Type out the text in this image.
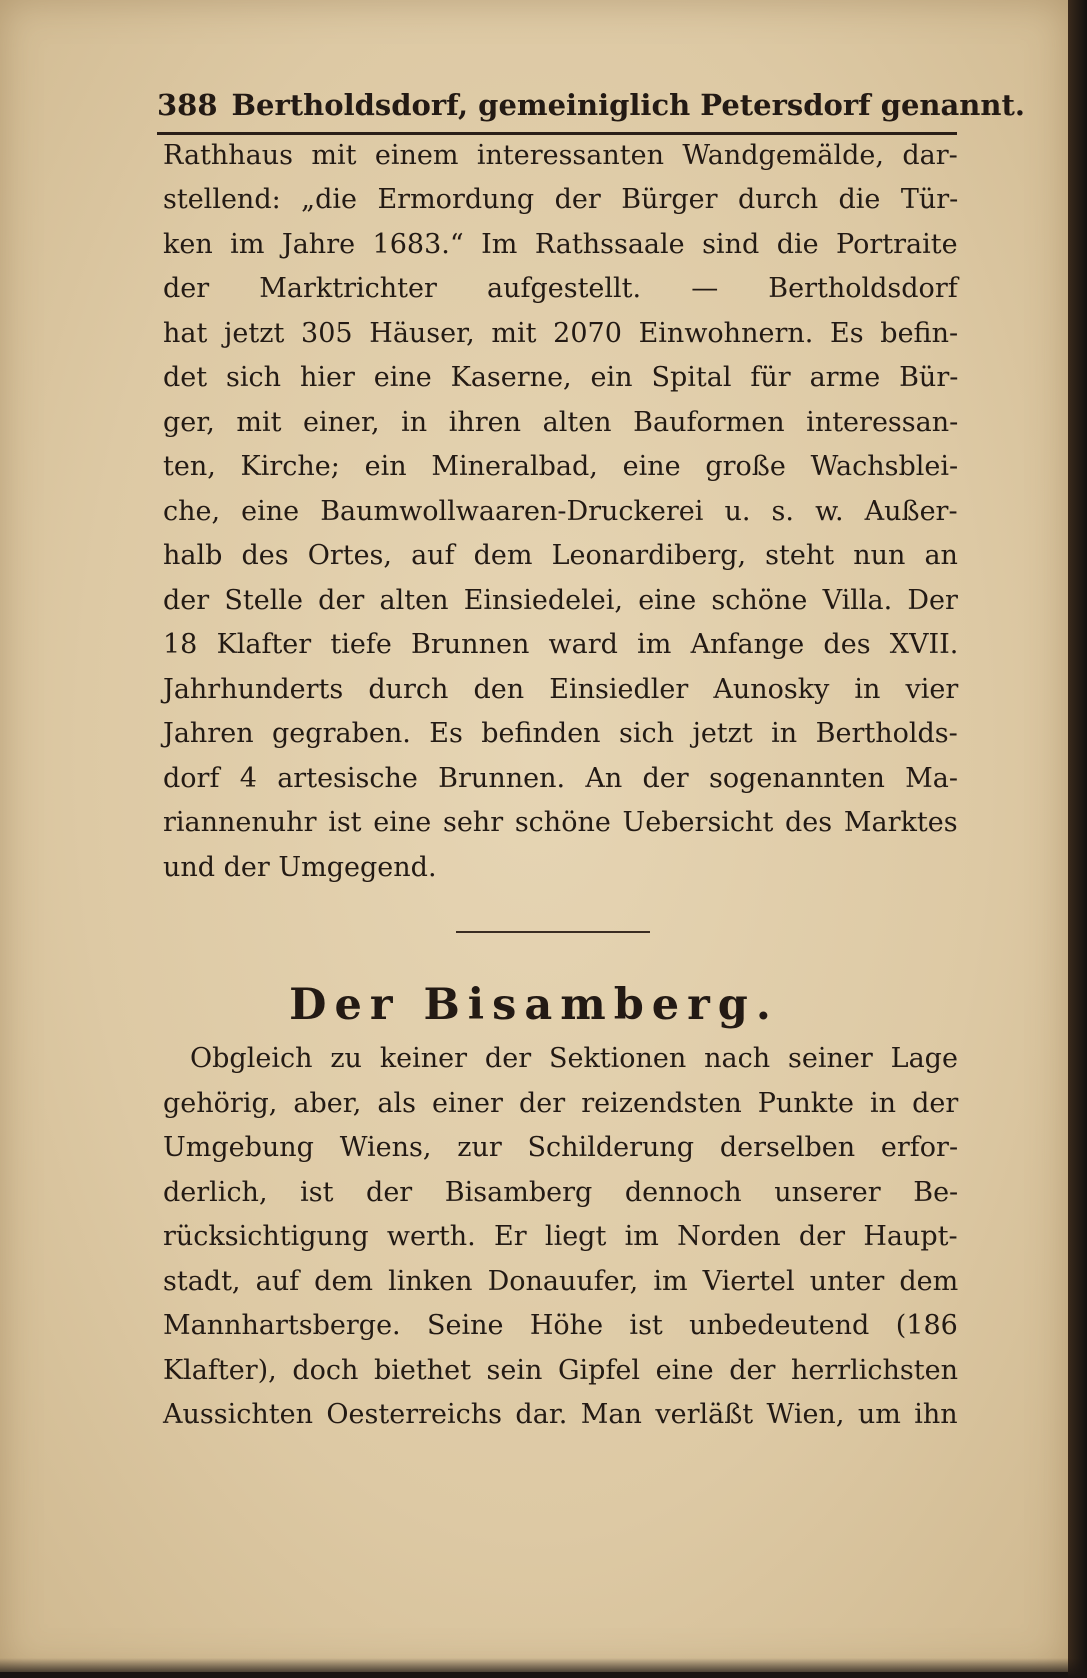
388 Bertholdsdorf, gemeiniglich Petersdorf genannt.
Rathhaus mit einem interessanten Wandgemälde, dar-
stellend: „die Ermordung der Bürger durch die Tür-
ken im Jahre 1683.“ Im Rathssaale sind die Portraite
der Marktrichter aufgestellt. — Bertholdsdorf
hat jetzt 305 Häuser, mit 2070 Einwohnern. Es befin-
det sich hier eine Kaserne, ein Spital für arme Bür-
ger, mit einer, in ihren alten Bauformen interessan-
ten, Kirche; ein Mineralbad, eine große Wachsblei-
che, eine Baumwollwaaren-Druckerei u. s. w. Außer-
halb des Ortes, auf dem Leonardiberg, steht nun an
der Stelle der alten Einsiedelei, eine schöne Villa. Der
18 Klafter tiefe Brunnen ward im Anfange des XVII.
Jahrhunderts durch den Einsiedler Aunosky in vier
Jahren gegraben. Es befinden sich jetzt in Bertholds-
dorf 4 artesische Brunnen. An der sogenannten Ma-
riannenuhr ist eine sehr schöne Uebersicht des Marktes
und der Umgegend.
Der Bisamberg.
Obgleich zu keiner der Sektionen nach seiner Lage
gehörig, aber, als einer der reizendsten Punkte in der
Umgebung Wiens, zur Schilderung derselben erfor-
derlich, ist der Bisamberg dennoch unserer Be-
rücksichtigung werth. Er liegt im Norden der Haupt-
stadt, auf dem linken Donauufer, im Viertel unter dem
Mannhartsberge. Seine Höhe ist unbedeutend (186
Klafter), doch biethet sein Gipfel eine der herrlichsten
Aussichten Oesterreichs dar. Man verläßt Wien, um ihn
